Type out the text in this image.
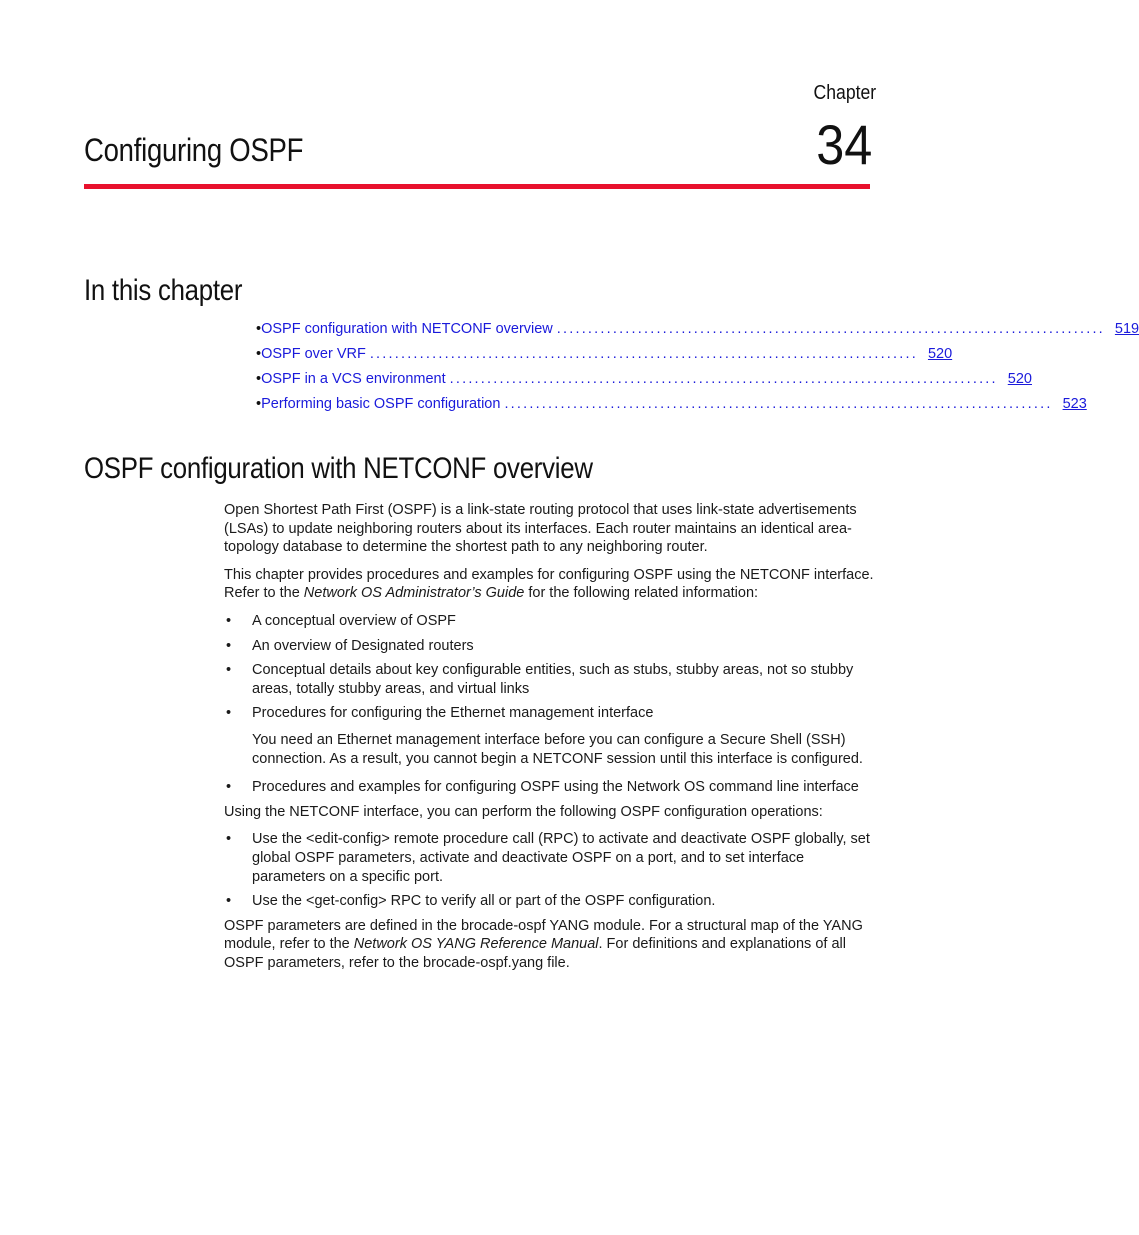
Chapter
34
Configuring OSPF
In this chapter
• OSPF configuration with NETCONF overview ........................................................................................ 519
• OSPF over VRF ........................................................................................ 520
• OSPF in a VCS environment ........................................................................................ 520
• Performing basic OSPF configuration ........................................................................................ 523
OSPF configuration with NETCONF overview

Open Shortest Path First (OSPF) is a link-state routing protocol that uses link-state advertisements (LSAs) to update neighboring routers about its interfaces. Each router maintains an identical area-topology database to determine the shortest path to any neighboring router.

This chapter provides procedures and examples for configuring OSPF using the NETCONF interface. Refer to the Network OS Administrator’s Guide for the following related information:

• A conceptual overview of OSPF
• An overview of Designated routers
• Conceptual details about key configurable entities, such as stubs, stubby areas, not so stubby areas, totally stubby areas, and virtual links
• Procedures for configuring the Ethernet management interface

You need an Ethernet management interface before you can configure a Secure Shell (SSH) connection. As a result, you cannot begin a NETCONF session until this interface is configured.

• Procedures and examples for configuring OSPF using the Network OS command line interface

Using the NETCONF interface, you can perform the following OSPF configuration operations:

• Use the <edit-config> remote procedure call (RPC) to activate and deactivate OSPF globally, set global OSPF parameters, activate and deactivate OSPF on a port, and to set interface parameters on a specific port.
• Use the <get-config> RPC to verify all or part of the OSPF configuration.

OSPF parameters are defined in the brocade-ospf YANG module. For a structural map of the YANG module, refer to the Network OS YANG Reference Manual. For definitions and explanations of all OSPF parameters, refer to the brocade-ospf.yang file.
